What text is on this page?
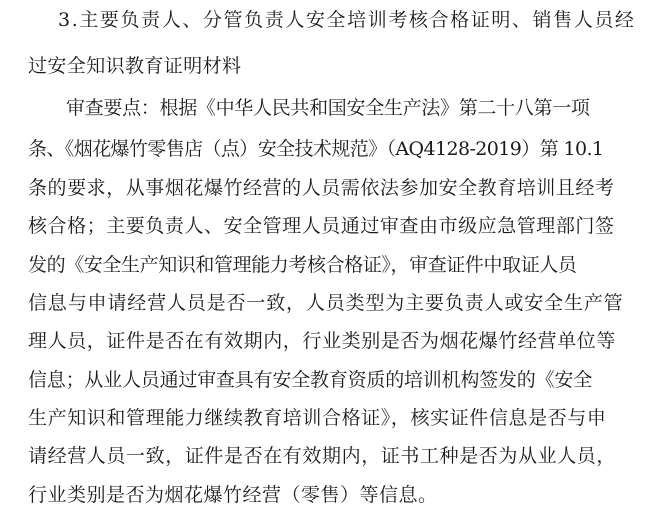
3.主要负责人、分管负责人安全培训考核合格证明、销售人员经
过安全知识教育证明材料
审查要点：根据《中华人民共和国安全生产法》第二十八第一项
条、《烟花爆竹零售店（点）安全技术规范》（AQ4128-2019）第 10.1
条的要求，从事烟花爆竹经营的人员需依法参加安全教育培训且经考
核合格；主要负责人、安全管理人员通过审查由市级应急管理部门签
发的《安全生产知识和管理能力考核合格证》，审查证件中取证人员
信息与申请经营人员是否一致，人员类型为主要负责人或安全生产管
理人员，证件是否在有效期内，行业类别是否为烟花爆竹经营单位等
信息；从业人员通过审查具有安全教育资质的培训机构签发的《安全
生产知识和管理能力继续教育培训合格证》，核实证件信息是否与申
请经营人员一致，证件是否在有效期内，证书工种是否为从业人员，
行业类别是否为烟花爆竹经营（零售）等信息。
